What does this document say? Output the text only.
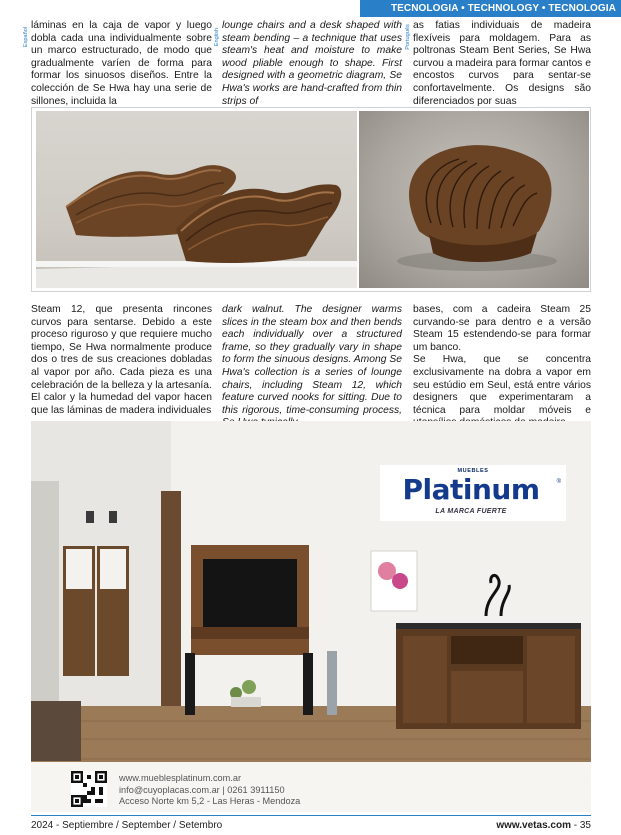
TECNOLOGIA • TECHNOLOGY • TECNOLOGIA
Español	English	Português

láminas en la caja de vapor y luego dobla cada una individualmente sobre un marco estructurado, de modo que gradualmente varíen de forma para formar los sinuosos diseños. Entre la colección de Se Hwa hay una serie de sillones, incluida la

lounge chairs and a desk shaped with steam bending – a technique that uses steam's heat and moisture to make wood pliable enough to shape. First designed with a geometric diagram, Se Hwa's works are hand-crafted from thin strips of

as fatias individuais de madeira flexíveis para moldagem. Para as poltronas Steam Bent Series, Se Hwa curvou a madeira para formar cantos e encostos curvos para sentar-se confortavelmente. Os designs são diferenciados por suas

Steam 12, que presenta rincones curvos para sentarse. Debido a este proceso riguroso y que requiere mucho tiempo, Se Hwa normalmente produce dos o tres de sus creaciones dobladas al vapor por año. Cada pieza es una celebración de la belleza y la artesanía.

El calor y la humedad del vapor hacen que las láminas de madera individuales

dark walnut. The designer warms slices in the steam box and then bends each individually over a structured frame, so they gradually vary in shape to form the sinuous designs. Among Se Hwa's collection is a series of lounge chairs, including Steam 12, which feature curved nooks for sitting. Due to this rigorous, time-consuming process,

bases, com a cadeira Steam 25 curvando-se para dentro e a versão Steam 15 estendendo-se para formar um banco.

Se Hwa, que se concentra exclusivamente na dobra a vapor em seu estúdio em Seul, está entre vários designers que experimentaram a técnica para moldar móveis e

MUEBLES
Platinum	®
LA MARCA FUERTE
www.mueblesplatinum.com.ar
info@cuyoplacas.com.ar | 0261 3911150
Acceso Norte km 5,2 - Las Heras - Mendoza
2024 - Septiembre / September / Setembro	www.vetas.com - 35
